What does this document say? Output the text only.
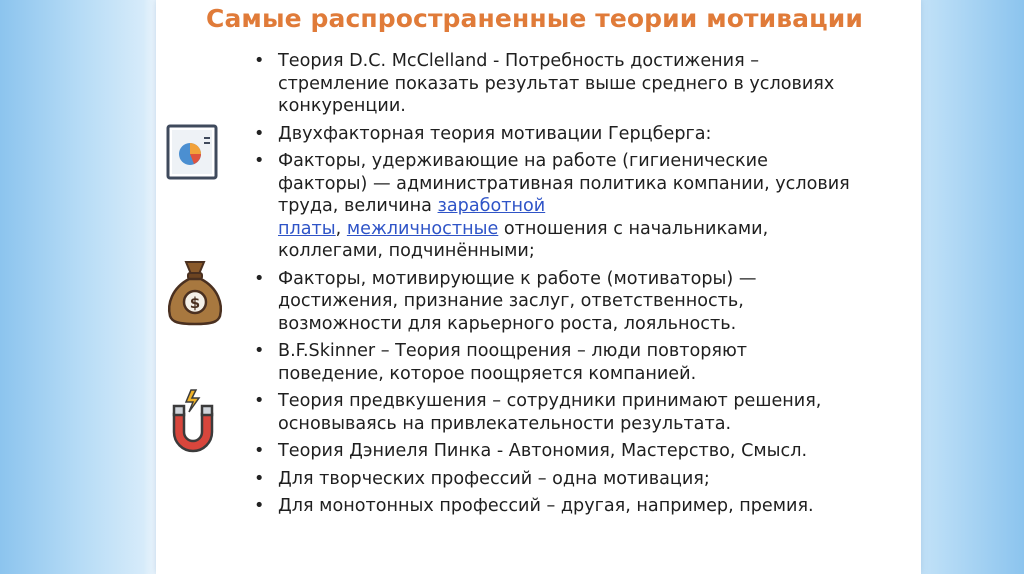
Самые распространенные теории мотивации
$
• Теория D.C. McClelland - Потребность достижения –
стремление показать результат выше среднего в условиях
конкуренции.
• Двухфакторная теория мотивации Герцберга:
• Факторы, удерживающие на работе (гигиенические
факторы) — административная политика компании, условия
труда, величина заработной
платы, межличностные отношения с начальниками,
коллегами, подчинёнными;
• Факторы, мотивирующие к работе (мотиваторы) —
достижения, признание заслуг, ответственность,
возможности для карьерного роста, лояльность.
• B.F.Skinner – Теория поощрения – люди повторяют
поведение, которое поощряется компанией.
• Теория предвкушения – сотрудники принимают решения,
основываясь на привлекательности результата.
• Теория Дэниеля Пинка - Автономия, Мастерство, Смысл.
• Для творческих профессий – одна мотивация;
• Для монотонных профессий – другая, например, премия.
